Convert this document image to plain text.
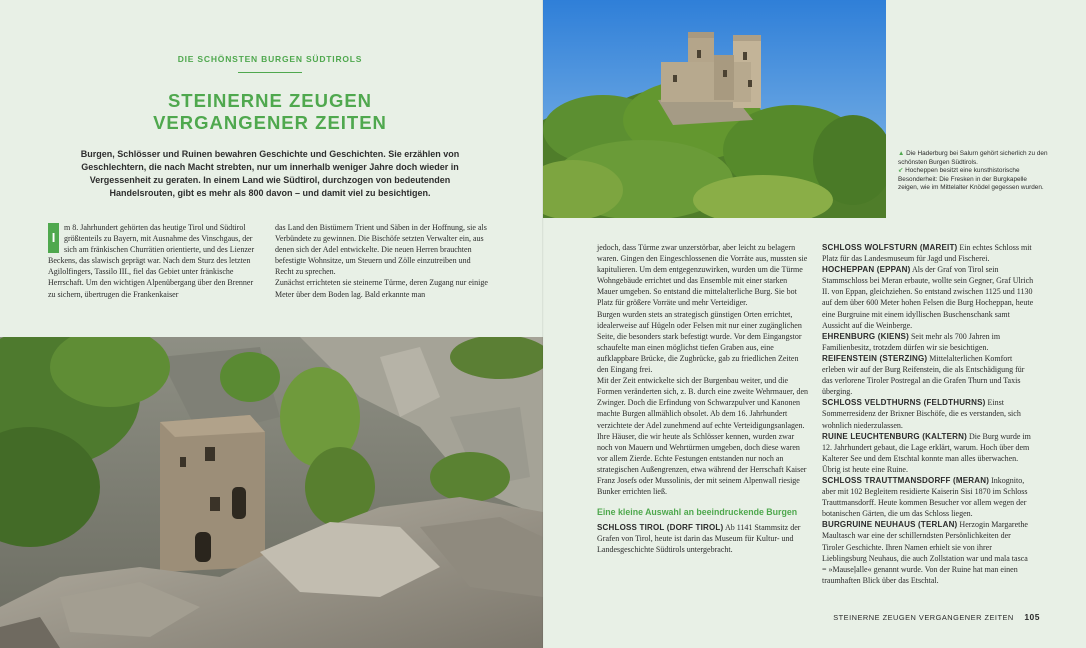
DIE SCHÖNSTEN BURGEN SÜDTIROLS
STEINERNE ZEUGEN
VERGANGENER ZEITEN

Burgen, Schlösser und Ruinen bewahren Geschichte und Geschichten. Sie erzählen von Geschlechtern, die nach Macht strebten, nur um innerhalb weniger Jahre doch wieder in Vergessenheit zu geraten. In einem Land wie Südtirol, durchzogen von bedeutenden Handelsrouten, gibt es mehr als 800 davon – und damit viel zu besichtigen.

I
m 8. Jahrhundert gehörten das heutige Tirol und Südtirol größtenteils zu Bayern, mit Ausnahme des Vinschgaus, der sich am fränkischen Churrätien orientierte, und des Lienzer Beckens, das slawisch geprägt war. Nach dem Sturz des letzten Agilolfingers, Tassilo III., fiel das Gebiet unter fränkische Herrschaft. Um den wichtigen Alpenübergang über den Brenner zu sichern, übertrugen die Frankenkaiser

das Land den Bistümern Trient und Säben in der Hoffnung, sie als Verbündete zu gewinnen. Die Bischöfe setzten Verwalter ein, aus denen sich der Adel entwickelte. Die neuen Herren brauchten befestigte Wohnsitze, um Steuern und Zölle einzutreiben und Recht zu sprechen.

Zunächst errichteten sie steinerne Türme, deren Zugang nur einige Meter über dem Boden lag. Bald erkannte man

jedoch, dass Türme zwar unzerstörbar, aber leicht zu belagern waren. Gingen den Eingeschlossenen die Vorräte aus, mussten sie kapitulieren. Um dem entgegenzuwirken, wurden um die Türme Wohngebäude errichtet und das Ensemble mit einer starken Mauer umgeben. So entstand die mittelalterliche Burg. Sie bot Platz für größere Vorräte und mehr Verteidiger.

Burgen wurden stets an strategisch günstigen Orten errichtet, idealerweise auf Hügeln oder Felsen mit nur einer zugänglichen Seite, die besonders stark befestigt wurde. Vor dem Eingangstor schaufelte man einen möglichst tiefen Graben aus, eine aufklappbare Brücke, die Zugbrücke, gab zu friedlichen Zeiten den Eingang frei.

Mit der Zeit entwickelte sich der Burgenbau weiter, und die Formen veränderten sich, z. B. durch eine zweite Wehrmauer, den Zwinger. Doch die Erfindung von Schwarzpulver und Kanonen machte Burgen allmählich obsolet. Ab dem 16. Jahrhundert verzichtete der Adel zunehmend auf echte Verteidigungsanlagen. Ihre Häuser, die wir heute als Schlösser kennen, wurden zwar noch von Mauern und Wehrtürmen umgeben, doch diese waren vor allem Zierde. Echte Festungen entstanden nur noch an strategischen Außengrenzen, etwa während der Herrschaft Kaiser Franz Josefs oder Mussolinis, der mit seinem Alpenwall riesige Bunker errichten ließ.

Eine kleine Auswahl an beeindruckende Burgen

SCHLOSS TIROL (DORF TIROL) Ab 1141 Stammsitz der Grafen von Tirol, heute ist darin das Museum für Kultur- und Landesgeschichte Südtirols untergebracht.

SCHLOSS WOLFSTURN (MAREIT) Ein echtes Schloss mit Platz für das Landesmuseum für Jagd und Fischerei.

HOCHEPPAN (EPPAN) Als der Graf von Tirol sein Stammschloss bei Meran erbaute, wollte sein Gegner, Graf Ulrich II. von Eppan, gleichziehen. So entstand zwischen 1125 und 1130 auf dem über 600 Meter hohen Felsen die Burg Hocheppan, heute eine Burgruine mit einem idyllischen Buschenschank samt Aussicht auf die Weinberge.

EHRENBURG (KIENS) Seit mehr als 700 Jahren im Familienbesitz, trotzdem dürfen wir sie besichtigen.

REIFENSTEIN (STERZING) Mittelalterlichen Komfort erleben wir auf der Burg Reifenstein, die als Entschädigung für das verlorene Tiroler Postregal an die Grafen Thurn und Taxis überging.

SCHLOSS VELDTHURNS (FELDTHURNS) Einst Sommerresidenz der Brixner Bischöfe, die es verstanden, sich wohnlich niederzulassen.

RUINE LEUCHTENBURG (KALTERN) Die Burg wurde im 12. Jahrhundert gebaut, die Lage erklärt, warum. Hoch über dem Kalterer See und dem Etschtal konnte man alles überwachen. Übrig ist heute eine Ruine.

SCHLOSS TRAUTTMANSDORFF (MERAN) Inkognito, aber mit 102 Begleitern residierte Kaiserin Sisi 1870 im Schloss Trauttmansdorff. Heute kommen Besucher vor allem wegen der botanischen Gärten, die um das Schloss liegen.

BURGRUINE NEUHAUS (TERLAN) Herzogin Margarethe Maultasch war eine der schillerndsten Persönlichkeiten der Tiroler Geschichte. Ihren Namen erhielt sie von ihrer Lieblingsburg Neuhaus, die auch Zollstation war und mala tasca = »Mauseļalle« genannt wurde. Von der Ruine hat man einen traumhaften Blick über das Etschtal.

▲ Die Haderburg bei Salurn gehört sicherlich zu den schönsten Burgen Südtirols.
↙ Hocheppen besitzt eine kunsthistorische Besonderheit: Die Fresken in der Burgkapelle zeigen, wie im Mittelalter Knödel gegessen wurden.
STEINERNE ZEUGEN VERGANGENER ZEITEN 105
